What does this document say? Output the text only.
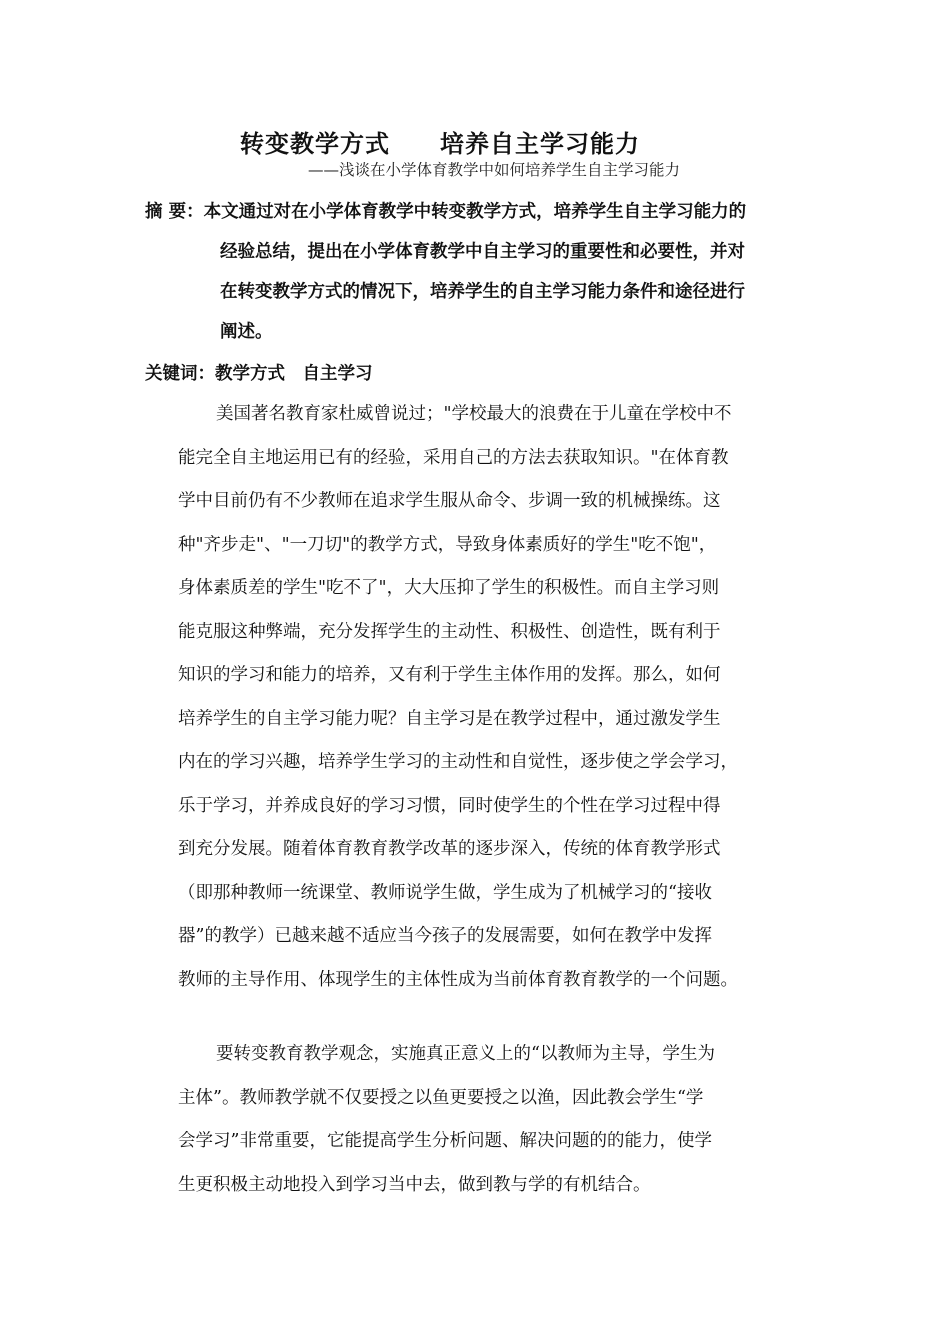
转变教学方式　　培养自主学习能力
——浅谈在小学体育教学中如何培养学生自主学习能力
摘 要：本文通过对在小学体育教学中转变教学方式，培养学生自主学习能力的
经验总结，提出在小学体育教学中自主学习的重要性和必要性，并对
在转变教学方式的情况下，培养学生的自主学习能力条件和途径进行
阐述。
关键词：教学方式　自主学习
美国著名教育家杜威曾说过；"学校最大的浪费在于儿童在学校中不
能完全自主地运用已有的经验，采用自己的方法去获取知识。"在体育教
学中目前仍有不少教师在追求学生服从命令、步调一致的机械操练。这
种"齐步走"、"一刀切"的教学方式，导致身体素质好的学生"吃不饱"，
身体素质差的学生"吃不了"，大大压抑了学生的积极性。而自主学习则
能克服这种弊端，充分发挥学生的主动性、积极性、创造性，既有利于
知识的学习和能力的培养，又有利于学生主体作用的发挥。那么，如何
培养学生的自主学习能力呢？自主学习是在教学过程中，通过激发学生
内在的学习兴趣，培养学生学习的主动性和自觉性，逐步使之学会学习，
乐于学习，并养成良好的学习习惯，同时使学生的个性在学习过程中得
到充分发展。随着体育教育教学改革的逐步深入，传统的体育教学形式
（即那种教师一统课堂、教师说学生做，学生成为了机械学习的“接收
器”的教学）已越来越不适应当今孩子的发展需要，如何在教学中发挥
教师的主导作用、体现学生的主体性成为当前体育教育教学的一个问题。
要转变教育教学观念，实施真正意义上的“以教师为主导，学生为
主体”。教师教学就不仅要授之以鱼更要授之以渔，因此教会学生“学
会学习”非常重要，它能提高学生分析问题、解决问题的的能力，使学
生更积极主动地投入到学习当中去，做到教与学的有机结合。
